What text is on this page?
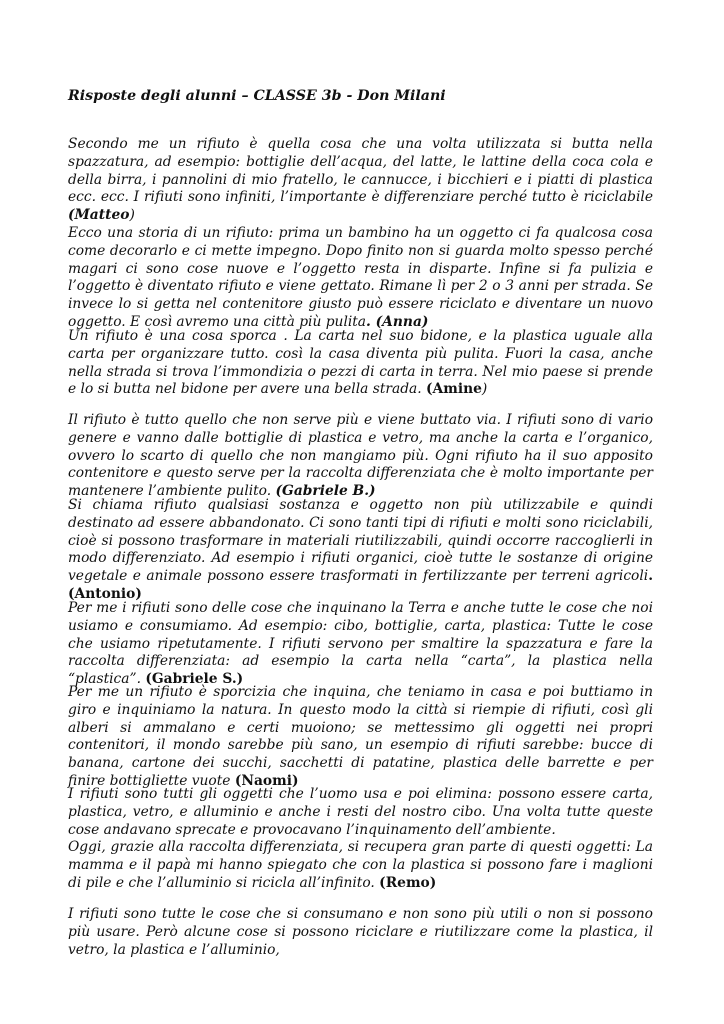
Risposte degli alunni – CLASSE 3b - Don Milani
Secondo me un rifiuto è quella cosa che una volta utilizzata si butta nella spazzatura, ad esempio: bottiglie dell’acqua, del latte, le lattine della coca cola e della birra, i pannolini di mio fratello, le cannucce, i bicchieri e i piatti di plastica ecc. ecc. I rifiuti sono infiniti, l’importante è differenziare perché tutto è riciclabile (Matteo)
Ecco una storia di un rifiuto: prima un bambino ha un oggetto ci fa qualcosa cosa come decorarlo e ci mette impegno. Dopo finito non si guarda molto spesso perché magari ci sono cose nuove e l’oggetto resta in disparte. Infine si fa pulizia e l’oggetto è diventato rifiuto e viene gettato. Rimane lì per 2 o 3 anni per strada. Se invece lo si getta nel contenitore giusto può essere riciclato e diventare un nuovo oggetto. E così avremo una città più pulita. (Anna)
Un rifiuto è una cosa sporca . La carta nel suo bidone, e la plastica uguale alla carta per organizzare tutto. così la casa diventa più pulita. Fuori la casa, anche nella strada si trova l’immondizia o pezzi di carta in terra. Nel mio paese si prende e lo si butta nel bidone per avere una bella strada. (Amine)
Il rifiuto è tutto quello che non serve più e viene buttato via. I rifiuti sono di vario genere e vanno dalle bottiglie di plastica e vetro, ma anche la carta e l’organico, ovvero lo scarto di quello che non mangiamo più. Ogni rifiuto ha il suo apposito contenitore e questo serve per la raccolta differenziata che è molto importante per mantenere l’ambiente pulito. (Gabriele B.)
Si chiama rifiuto qualsiasi sostanza e oggetto non più utilizzabile e quindi destinato ad essere abbandonato. Ci sono tanti tipi di rifiuti e molti sono riciclabili, cioè si possono trasformare in materiali riutilizzabili, quindi occorre raccoglierli in modo differenziato. Ad esempio i rifiuti organici, cioè tutte le sostanze di origine vegetale e animale possono essere trasformati in fertilizzante per terreni agricoli. (Antonio)
Per me i rifiuti sono delle cose che inquinano la Terra e anche tutte le cose che noi usiamo e consumiamo. Ad esempio: cibo, bottiglie, carta, plastica: Tutte le cose che usiamo ripetutamente. I rifiuti servono per smaltire la spazzatura e fare la raccolta differenziata: ad esempio la carta nella “carta”, la plastica nella “plastica”. (Gabriele S.)
Per me un rifiuto è sporcizia che inquina, che teniamo in casa e poi buttiamo in giro e inquiniamo la natura. In questo modo la città si riempie di rifiuti, così gli alberi si ammalano e certi muoiono; se mettessimo gli oggetti nei propri contenitori, il mondo sarebbe più sano, un esempio di rifiuti sarebbe: bucce di banana, cartone dei succhi, sacchetti di patatine, plastica delle barrette e per finire bottigliette vuote (Naomi)

I rifiuti sono tutti gli oggetti che l’uomo usa e poi elimina: possono essere carta, plastica, vetro, e alluminio e anche i resti del nostro cibo. Una volta tutte queste cose andavano sprecate e provocavano l’inquinamento dell’ambiente.

Oggi, grazie alla raccolta differenziata, si recupera gran parte di questi oggetti: La mamma e il papà mi hanno spiegato che con la plastica si possono fare i maglioni di pile e che l’alluminio si ricicla all’infinito. (Remo)

I rifiuti sono tutte le cose che si consumano e non sono più utili o non si possono più usare. Però alcune cose si possono riciclare e riutilizzare come la plastica, il vetro, la plastica e l’alluminio,
